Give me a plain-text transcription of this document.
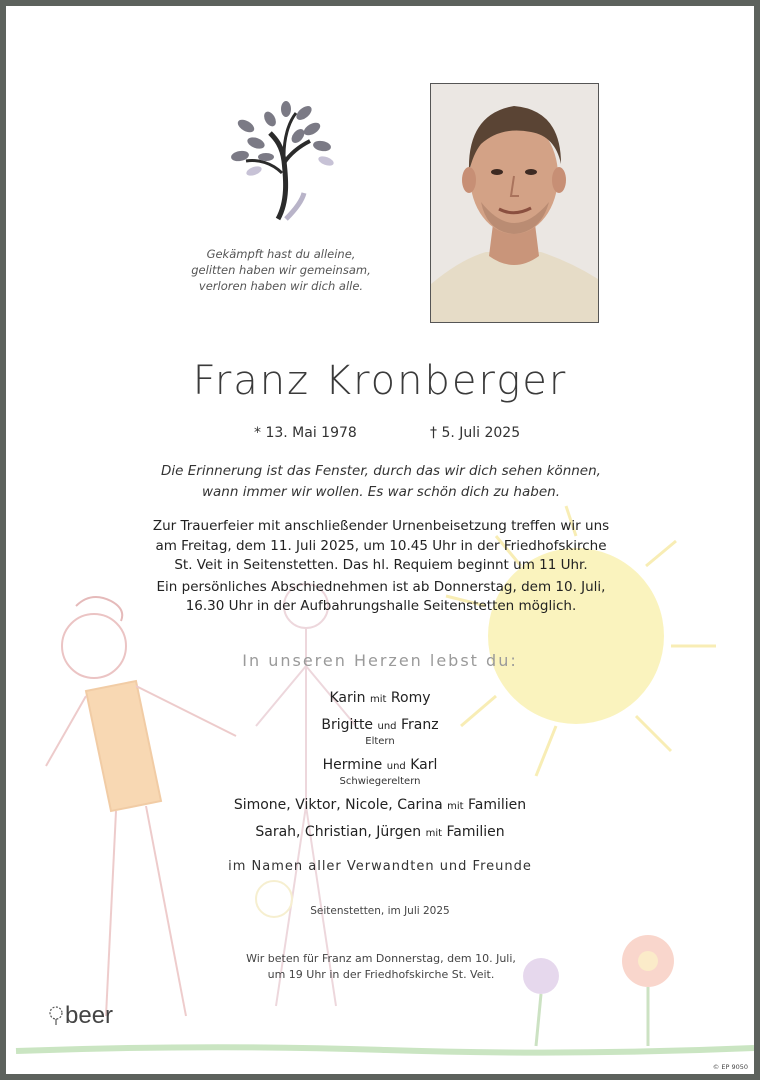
Gekämpft hast du alleine,
gelitten haben wir gemeinsam,
verloren haben wir dich alle.
Franz Kronberger
* 13. Mai 1978	† 5. Juli 2025
Die Erinnerung ist das Fenster, durch das wir dich sehen können,
wann immer wir wollen. Es war schön dich zu haben.
Zur Trauerfeier mit anschließender Urnenbeisetzung treffen wir uns
am Freitag, dem 11. Juli 2025, um 10.45 Uhr in der Friedhofskirche
St. Veit in Seitenstetten. Das hl. Requiem beginnt um 11 Uhr.
Ein persönliches Abschiednehmen ist ab Donnerstag, dem 10. Juli,
16.30 Uhr in der Aufbahrungshalle Seitenstetten möglich.
In unseren Herzen lebst du:
Karin mit Romy
Brigitte und Franz
Eltern
Hermine und Karl
Schwiegereltern
Simone, Viktor, Nicole, Carina mit Familien
Sarah, Christian, Jürgen mit Familien
im Namen aller Verwandten und Freunde
Seitenstetten, im Juli 2025
Wir beten für Franz am Donnerstag, dem 10. Juli,
um 19 Uhr in der Friedhofskirche St. Veit.
beer
© EP 9050
